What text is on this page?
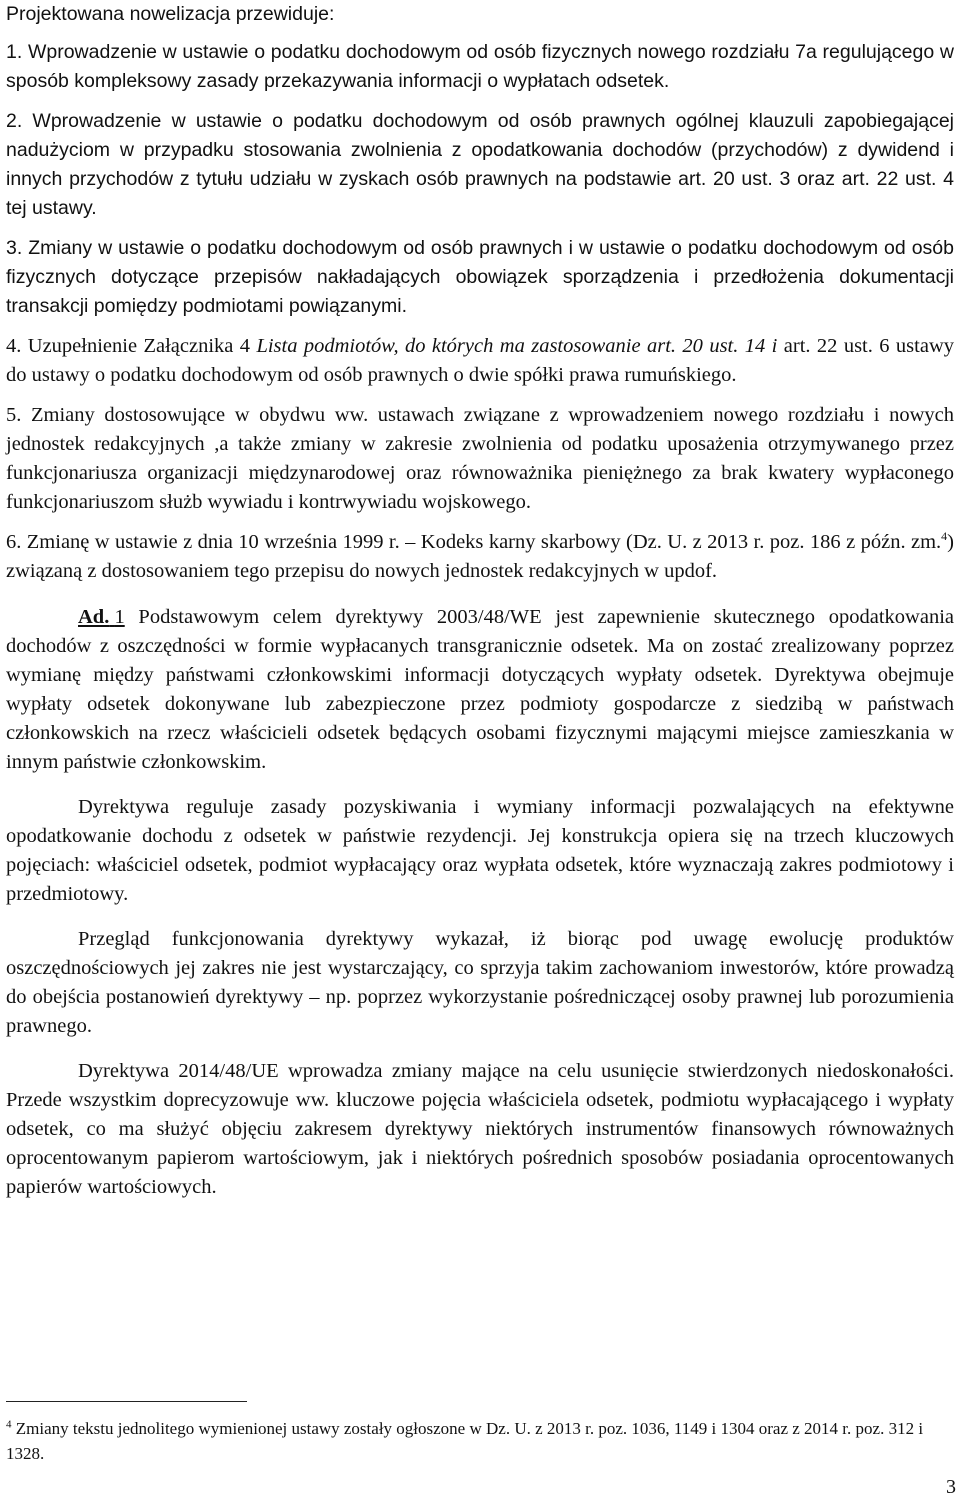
Projektowana nowelizacja przewiduje:

1. Wprowadzenie w ustawie o podatku dochodowym od osób fizycznych nowego rozdziału 7a regulującego w sposób kompleksowy zasady przekazywania informacji o wypłatach odsetek.

2. Wprowadzenie w ustawie o podatku dochodowym od osób prawnych ogólnej klauzuli zapobiegającej nadużyciom w przypadku stosowania zwolnienia z opodatkowania dochodów (przychodów) z dywidend i innych przychodów z tytułu udziału w zyskach osób prawnych na podstawie art. 20 ust. 3 oraz art. 22 ust. 4 tej ustawy.

3. Zmiany w ustawie o podatku dochodowym od osób prawnych i w ustawie o podatku dochodowym od osób fizycznych dotyczące przepisów nakładających obowiązek sporządzenia i przedłożenia dokumentacji transakcji pomiędzy podmiotami powiązanymi.

4. Uzupełnienie Załącznika 4 Lista podmiotów, do których ma zastosowanie art. 20 ust. 14 i art. 22 ust. 6 ustawy do ustawy o podatku dochodowym od osób prawnych o dwie spółki prawa rumuńskiego.

5. Zmiany dostosowujące w obydwu ww. ustawach związane z wprowadzeniem nowego rozdziału i nowych jednostek redakcyjnych ,a także zmiany w zakresie zwolnienia od podatku uposażenia otrzymywanego przez funkcjonariusza organizacji międzynarodowej oraz równoważnika pieniężnego za brak kwatery wypłaconego funkcjonariuszom służb wywiadu i kontrwywiadu wojskowego.

6. Zmianę w ustawie z dnia 10 września 1999 r. – Kodeks karny skarbowy (Dz. U. z 2013 r. poz. 186 z późn. zm.$^4$) związaną z dostosowaniem tego przepisu do nowych jednostek redakcyjnych w updof.

Ad. 1 Podstawowym celem dyrektywy 2003/48/WE jest zapewnienie skutecznego opodatkowania dochodów z oszczędności w formie wypłacanych transgranicznie odsetek. Ma on zostać zrealizowany poprzez wymianę między państwami członkowskimi informacji dotyczących wypłaty odsetek. Dyrektywa obejmuje wypłaty odsetek dokonywane lub zabezpieczone przez podmioty gospodarcze z siedzibą w państwach członkowskich na rzecz właścicieli odsetek będących osobami fizycznymi mającymi miejsce zamieszkania w innym państwie członkowskim.

Dyrektywa reguluje zasady pozyskiwania i wymiany informacji pozwalających na efektywne opodatkowanie dochodu z odsetek w państwie rezydencji. Jej konstrukcja opiera się na trzech kluczowych pojęciach: właściciel odsetek, podmiot wypłacający oraz wypłata odsetek, które wyznaczają zakres podmiotowy i przedmiotowy.

Przegląd funkcjonowania dyrektywy wykazał, iż biorąc pod uwagę ewolucję produktów oszczędnościowych jej zakres nie jest wystarczający, co sprzyja takim zachowaniom inwestorów, które prowadzą do obejścia postanowień dyrektywy – np. poprzez wykorzystanie pośredniczącej osoby prawnej lub porozumienia prawnego.

Dyrektywa 2014/48/UE wprowadza zmiany mające na celu usunięcie stwierdzonych niedoskonałości. Przede wszystkim doprecyzowuje ww. kluczowe pojęcia właściciela odsetek, podmiotu wypłacającego i wypłaty odsetek, co ma służyć objęciu zakresem dyrektywy niektórych instrumentów finansowych równoważnych oprocentowanym papierom wartościowym, jak i niektórych pośrednich sposobów posiadania oprocentowanych papierów wartościowych.

$^4$ Zmiany tekstu jednolitego wymienionej ustawy zostały ogłoszone w Dz. U. z 2013 r. poz. 1036, 1149 i 1304 oraz z 2014 r. poz. 312 i 1328.

3
